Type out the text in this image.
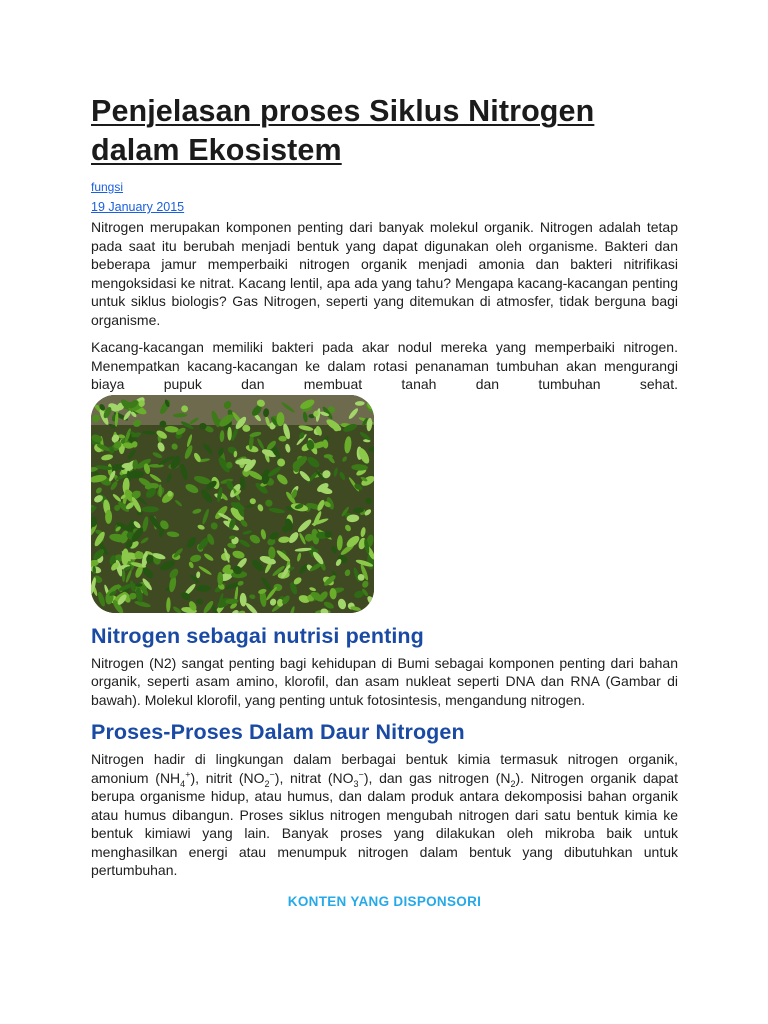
Penjelasan proses Siklus Nitrogen dalam Ekosistem
fungsi
19 January 2015

Nitrogen merupakan komponen penting dari banyak molekul organik. Nitrogen adalah tetap pada saat itu berubah menjadi bentuk yang dapat digunakan oleh organisme. Bakteri dan beberapa jamur memperbaiki nitrogen organik menjadi amonia dan bakteri nitrifikasi mengoksidasi ke nitrat. Kacang lentil, apa ada yang tahu? Mengapa kacang-kacangan penting untuk siklus biologis? Gas Nitrogen, seperti yang ditemukan di atmosfer, tidak berguna bagi organisme.

Kacang-kacangan memiliki bakteri pada akar nodul mereka yang memperbaiki nitrogen. Menempatkan kacang-kacangan ke dalam rotasi penanaman tumbuhan akan mengurangi biaya pupuk dan membuat tanah dan tumbuhan sehat.

Nitrogen sebagai nutrisi penting

Nitrogen (N2) sangat penting bagi kehidupan di Bumi sebagai komponen penting dari bahan organik, seperti asam amino, klorofil, dan asam nukleat seperti DNA dan RNA (Gambar di bawah). Molekul klorofil, yang penting untuk fotosintesis, mengandung nitrogen.

Proses-Proses Dalam Daur Nitrogen

Nitrogen hadir di lingkungan dalam berbagai bentuk kimia termasuk nitrogen organik, amonium $(NH_4^+)$, nitrit $(NO_2^-)$, nitrat $(NO_3^-)$, dan gas nitrogen $(N_2)$. Nitrogen organik dapat berupa organisme hidup, atau humus, dan dalam produk antara dekomposisi bahan organik atau humus dibangun. Proses siklus nitrogen mengubah nitrogen dari satu bentuk kimia ke bentuk kimiawi yang lain. Banyak proses yang dilakukan oleh mikroba baik untuk menghasilkan energi atau menumpuk nitrogen dalam bentuk yang dibutuhkan untuk pertumbuhan.

KONTEN YANG DISPONSORI
